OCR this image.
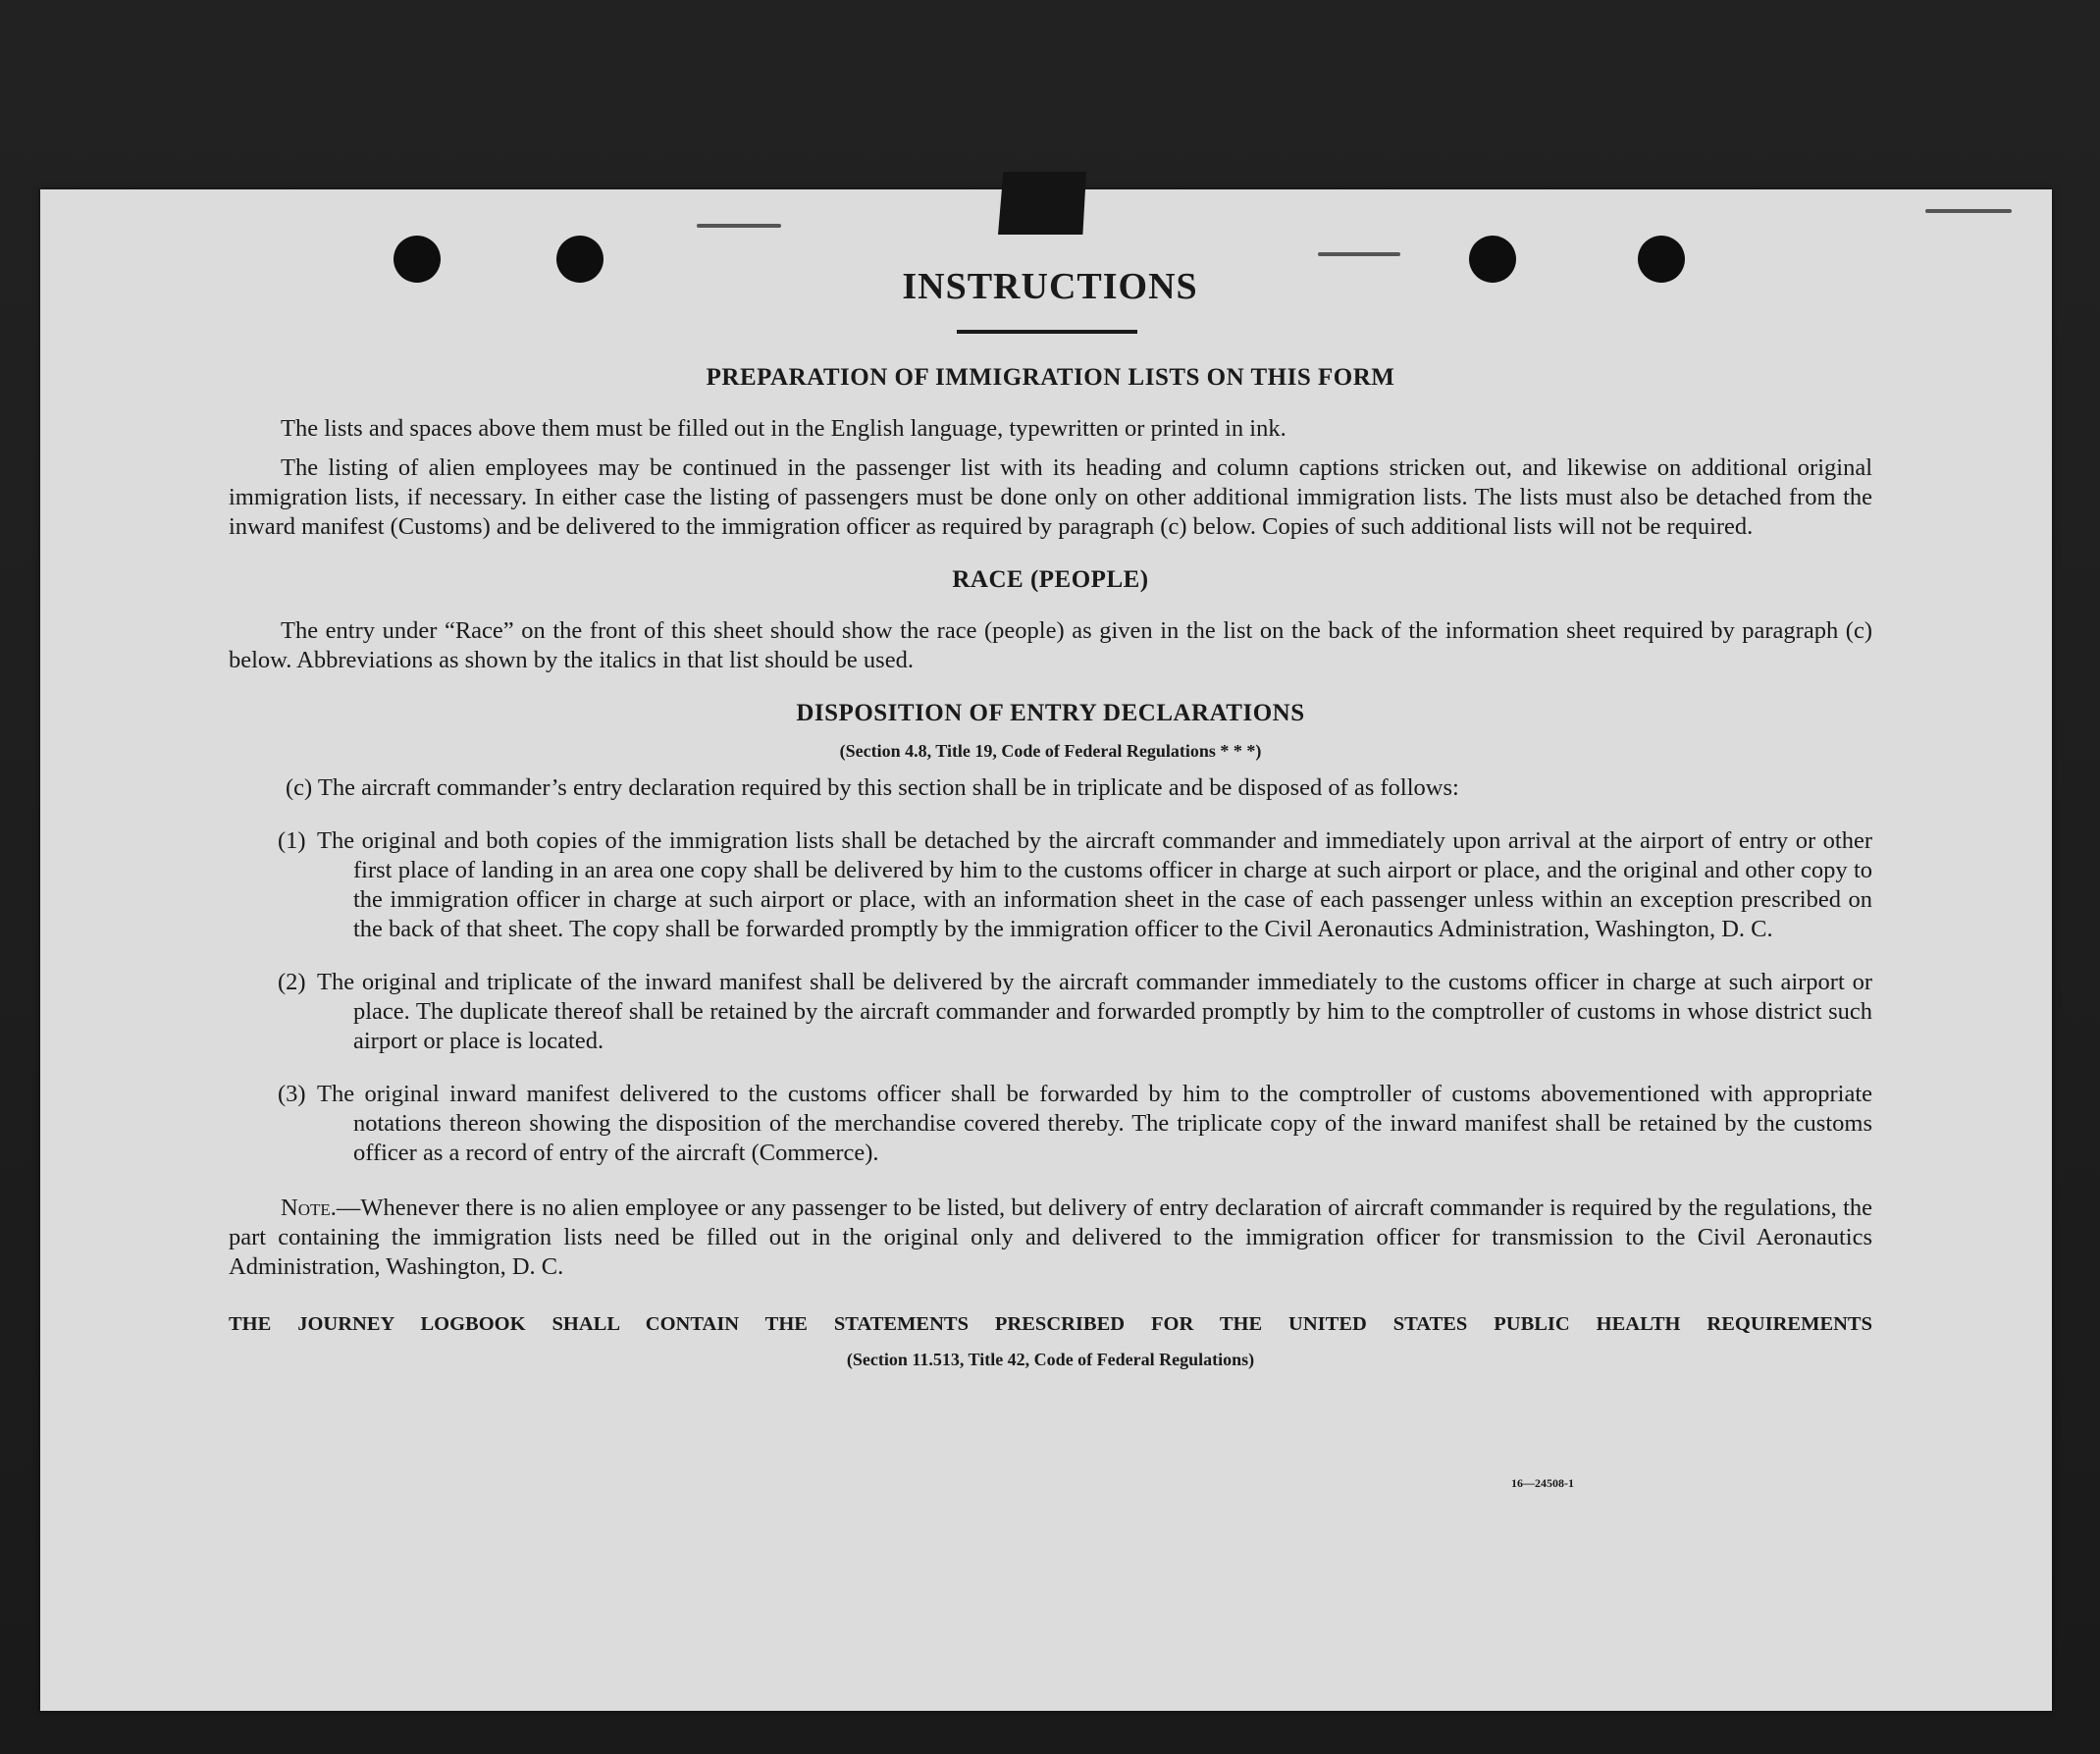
INSTRUCTIONS

PREPARATION OF IMMIGRATION LISTS ON THIS FORM

The lists and spaces above them must be filled out in the English language, typewritten or printed in ink.

The listing of alien employees may be continued in the passenger list with its heading and column captions stricken out, and likewise on additional original immigration lists, if necessary. In either case the listing of passengers must be done only on other additional immigration lists. The lists must also be detached from the inward manifest (Customs) and be delivered to the immigration officer as required by paragraph (c) below. Copies of such additional lists will not be required.

RACE (PEOPLE)

The entry under “Race” on the front of this sheet should show the race (people) as given in the list on the back of the information sheet required by paragraph (c) below. Abbreviations as shown by the italics in that list should be used.

DISPOSITION OF ENTRY DECLARATIONS

(Section 4.8, Title 19, Code of Federal Regulations * * *)

(c) The aircraft commander’s entry declaration required by this section shall be in triplicate and be disposed of as follows:

(1) The original and both copies of the immigration lists shall be detached by the aircraft commander and immediately upon arrival at the airport of entry or other first place of landing in an area one copy shall be delivered by him to the customs officer in charge at such airport or place, and the original and other copy to the immigration officer in charge at such airport or place, with an information sheet in the case of each passenger unless within an exception prescribed on the back of that sheet. The copy shall be forwarded promptly by the immigration officer to the Civil Aeronautics Administration, Washington, D. C.

(2) The original and triplicate of the inward manifest shall be delivered by the aircraft commander immediately to the customs officer in charge at such airport or place. The duplicate thereof shall be retained by the aircraft commander and forwarded promptly by him to the comptroller of customs in whose district such airport or place is located.

(3) The original inward manifest delivered to the customs officer shall be forwarded by him to the comptroller of customs abovementioned with appropriate notations thereon showing the disposition of the merchandise covered thereby. The triplicate copy of the inward manifest shall be retained by the customs officer as a record of entry of the aircraft (Commerce).

Note.—Whenever there is no alien employee or any passenger to be listed, but delivery of entry declaration of aircraft commander is required by the regulations, the part containing the immigration lists need be filled out in the original only and delivered to the immigration officer for transmission to the Civil Aeronautics Administration, Washington, D. C.

THE JOURNEY LOGBOOK SHALL CONTAIN THE STATEMENTS PRESCRIBED FOR THE UNITED STATES PUBLIC HEALTH REQUIREMENTS

(Section 11.513, Title 42, Code of Federal Regulations)

16—24508-1
